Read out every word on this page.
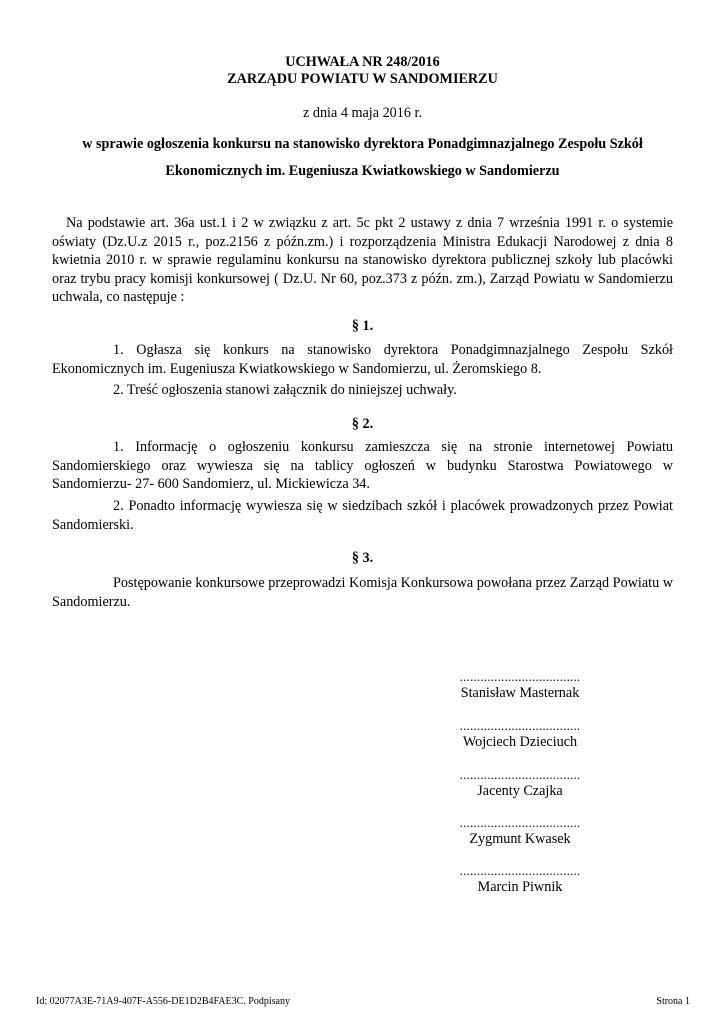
UCHWAŁA NR 248/2016
ZARZĄDU POWIATU W SANDOMIERZU
z dnia 4 maja 2016 r.
w sprawie ogłoszenia konkursu na stanowisko dyrektora Ponadgimnazjalnego Zespołu Szkół Ekonomicznych im. Eugeniusza Kwiatkowskiego w Sandomierzu
Na podstawie art. 36a ust.1 i 2 w związku z art. 5c pkt 2 ustawy z dnia 7 września 1991 r. o systemie oświaty (Dz.U.z 2015 r., poz.2156 z późn.zm.) i rozporządzenia Ministra Edukacji Narodowej z dnia 8 kwietnia 2010 r. w sprawie regulaminu konkursu na stanowisko dyrektora publicznej szkoły lub placówki oraz trybu pracy komisji konkursowej ( Dz.U. Nr 60, poz.373 z późn. zm.), Zarząd Powiatu w Sandomierzu uchwala, co następuje :
§ 1.
1. Ogłasza się konkurs na stanowisko dyrektora Ponadgimnazjalnego Zespołu Szkół Ekonomicznych im. Eugeniusza Kwiatkowskiego w Sandomierzu, ul. Żeromskiego 8.
2. Treść ogłoszenia stanowi załącznik do niniejszej uchwały.
§ 2.
1. Informację o ogłoszeniu konkursu zamieszcza się na stronie internetowej Powiatu Sandomierskiego oraz wywiesza się na tablicy ogłoszeń w budynku Starostwa Powiatowego w Sandomierzu- 27- 600 Sandomierz, ul. Mickiewicza 34.
2. Ponadto informację wywiesza się w siedzibach szkół i placówek prowadzonych przez Powiat Sandomierski.
§ 3.
Postępowanie konkursowe przeprowadzi Komisja Konkursowa powołana przez Zarząd Powiatu w Sandomierzu.
...................................
Stanisław Masternak
...................................
Wojciech Dzieciuch
...................................
Jacenty Czajka
...................................
Zygmunt Kwasek
...................................
Marcin Piwnik
Id: 02077A3E-71A9-407F-A556-DE1D2B4FAE3C. Podpisany	Strona 1
